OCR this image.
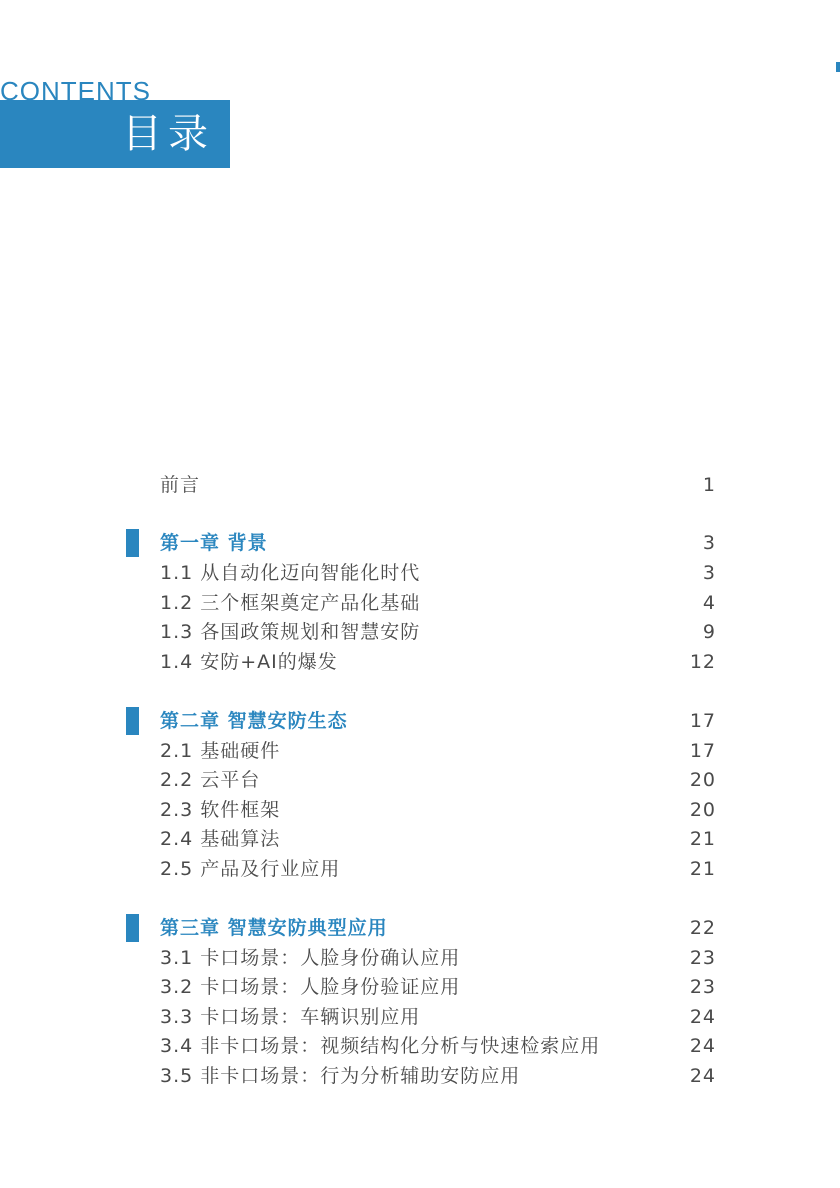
CONTENTS
目录
前言	1
第一章 背景	3
1.1 从自动化迈向智能化时代	3
1.2 三个框架奠定产品化基础	4
1.3 各国政策规划和智慧安防	9
1.4 安防+AI的爆发	12
第二章 智慧安防生态	17
2.1 基础硬件	17
2.2 云平台	20
2.3 软件框架	20
2.4 基础算法	21
2.5 产品及行业应用	21
第三章 智慧安防典型应用	22
3.1 卡口场景：人脸身份确认应用	23
3.2 卡口场景：人脸身份验证应用	23
3.3 卡口场景：车辆识别应用	24
3.4 非卡口场景：视频结构化分析与快速检索应用	24
3.5 非卡口场景：行为分析辅助安防应用	24
